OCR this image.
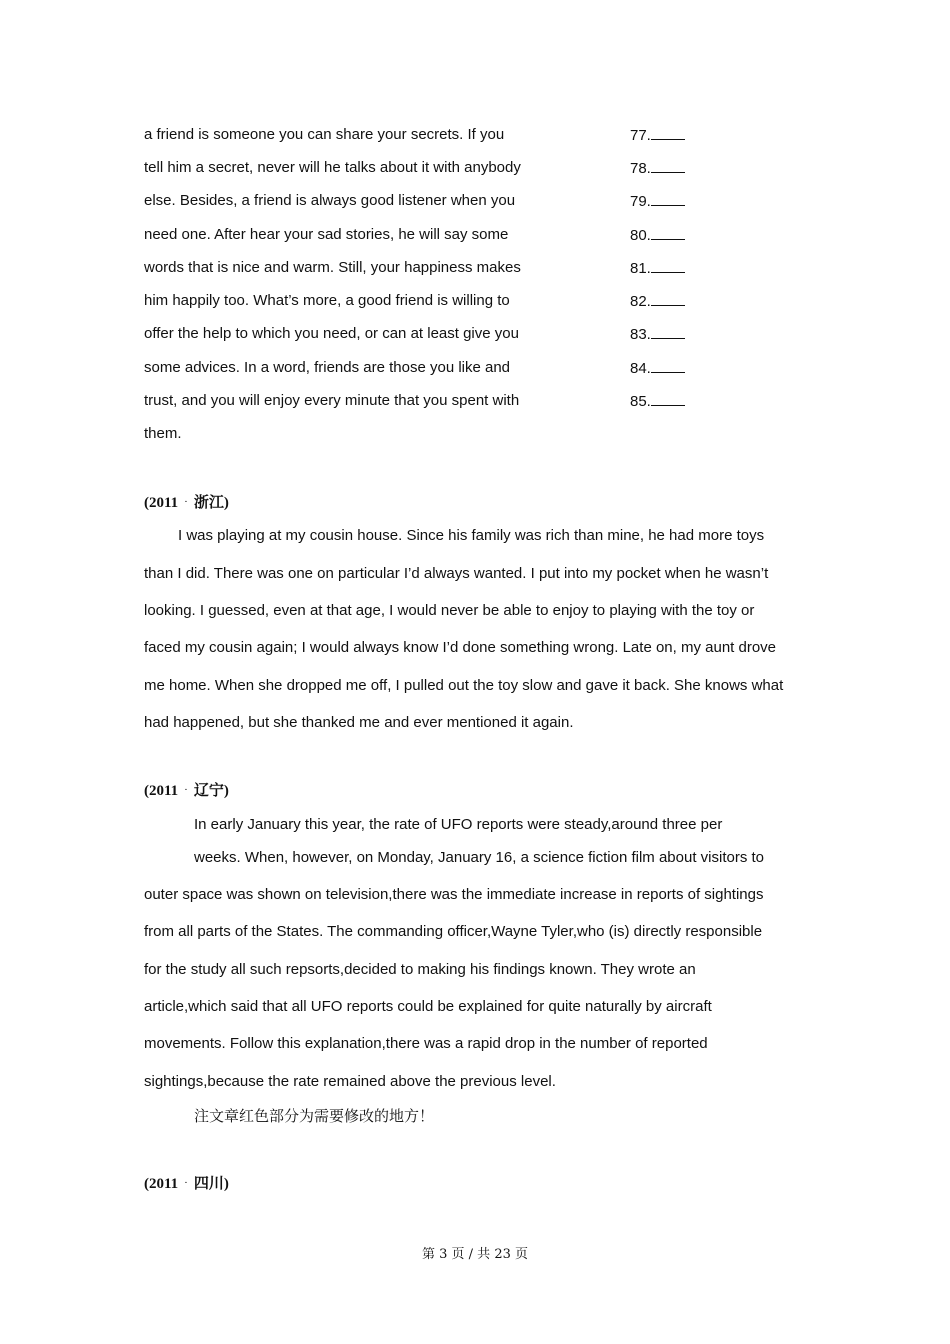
a friend is someone you can share your secrets. If you
tell him a secret, never will he talks about it with anybody
else. Besides, a friend is always good listener when you
need one. After hear your sad stories, he will say some
words that is nice and warm. Still, your happiness makes
him happily too. What’s more, a good friend is willing to
offer the help to which you need, or can at least give you
some advices. In a word, friends are those you like and
trust, and you will enjoy every minute that you spent with
them.
77.
78.
79.
80.
81.
82.
83.
84.
85.
(2011 · 浙江)
I was playing at my cousin house. Since his family was rich than mine, he had more toys
than I did. There was one on particular I’d always wanted. I put into my pocket when he wasn’t
looking. I guessed, even at that age, I would never be able to enjoy to playing with the toy or
faced my cousin again; I would always know I’d done something wrong. Late on, my aunt drove
me home. When she dropped me off, I pulled out the toy slow and gave it back. She knows what
had happened, but she thanked me and ever mentioned it again.
(2011 · 辽宁)
In early January this year, the rate of UFO reports were steady,around three per
weeks. When, however, on Monday, January 16, a science fiction film about visitors to
outer space was shown on television,there was the immediate increase in reports of sightings
from all parts of the States. The commanding officer,Wayne Tyler,who (is) directly responsible
for the study all such repsorts,decided to making his findings known. They wrote an
article,which said that all UFO reports could be explained for quite naturally by aircraft
movements. Follow this explanation,there was a rapid drop in the number of reported
sightings,because the rate remained above the previous level.
注文章红色部分为需要修改的地方！
(2011 · 四川)
第 3 页 / 共 23 页
